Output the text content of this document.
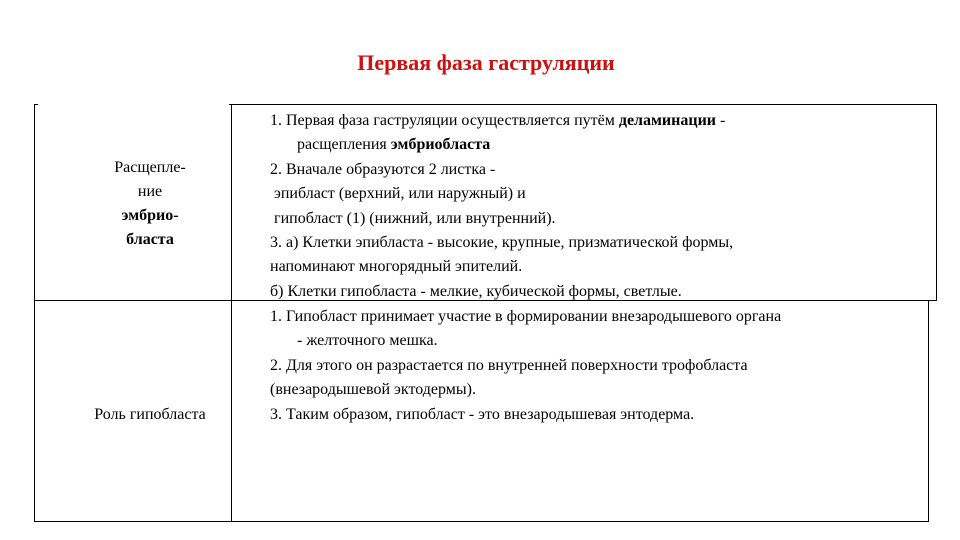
Первая фаза гаструляции
Расщепле-
ние
эмбрио-
бласта
1. Первая фаза гаструляции осуществляется путём деламинации -
расщепления эмбриобласта
2. Вначале образуются 2 листка -
эпибласт (верхний, или наружный) и
гипобласт (1) (нижний, или внутренний).
3. а) Клетки эпибласта - высокие, крупные, призматической формы,
напоминают многорядный эпителий.
б) Клетки гипобласта - мелкие, кубической формы, светлые.
Роль гипобласта
1. Гипобласт принимает участие в формировании внезародышевого органа
- желточного мешка.
2. Для этого он разрастается по внутренней поверхности трофобласта
(внезародышевой эктодермы).
3. Таким образом, гипобласт - это внезародышевая энтодерма.
